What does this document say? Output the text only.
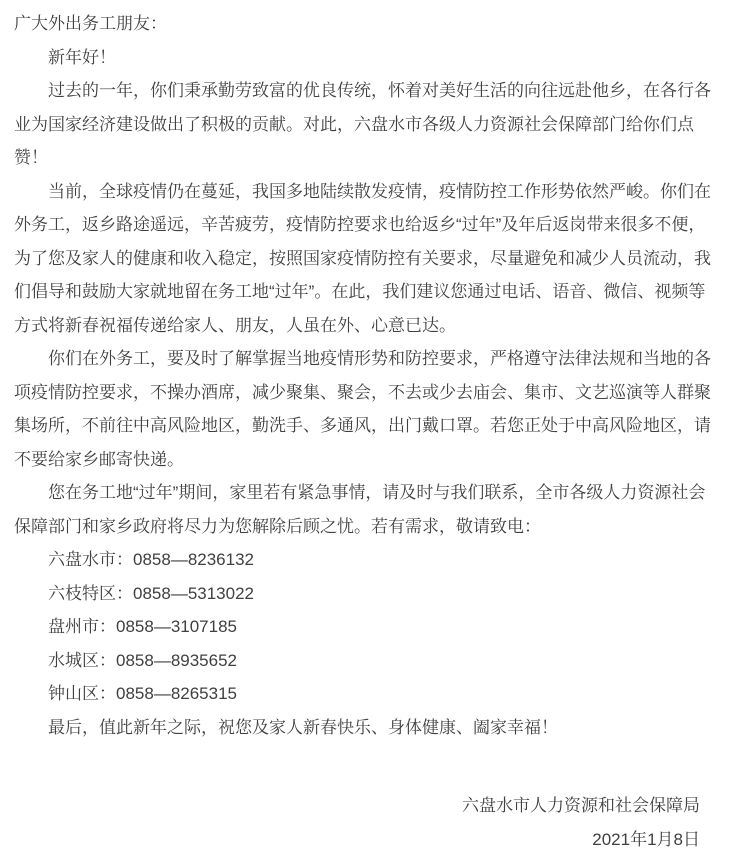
广大外出务工朋友：

新年好！

过去的一年，你们秉承勤劳致富的优良传统，怀着对美好生活的向往远赴他乡，在各行各业为国家经济建设做出了积极的贡献。对此，六盘水市各级人力资源社会保障部门给你们点赞！

当前，全球疫情仍在蔓延，我国多地陆续散发疫情，疫情防控工作形势依然严峻。你们在外务工，返乡路途遥远，辛苦疲劳，疫情防控要求也给返乡“过年”及年后返岗带来很多不便，为了您及家人的健康和收入稳定，按照国家疫情防控有关要求，尽量避免和减少人员流动，我们倡导和鼓励大家就地留在务工地“过年”。在此，我们建议您通过电话、语音、微信、视频等方式将新春祝福传递给家人、朋友，人虽在外、心意已达。

你们在外务工，要及时了解掌握当地疫情形势和防控要求，严格遵守法律法规和当地的各项疫情防控要求，不操办酒席，减少聚集、聚会，不去或少去庙会、集市、文艺巡演等人群聚集场所，不前往中高风险地区，勤洗手、多通风，出门戴口罩。若您正处于中高风险地区，请不要给家乡邮寄快递。

您在务工地“过年”期间，家里若有紧急事情，请及时与我们联系，全市各级人力资源社会保障部门和家乡政府将尽力为您解除后顾之忧。若有需求，敬请致电：

六盘水市：0858—8236132

六枝特区：0858—5313022

盘州市：0858—3107185

水城区：0858—8935652

钟山区：0858—8265315

最后，值此新年之际，祝您及家人新春快乐、身体健康、阖家幸福！

六盘水市人力资源和社会保障局

2021年1月8日
